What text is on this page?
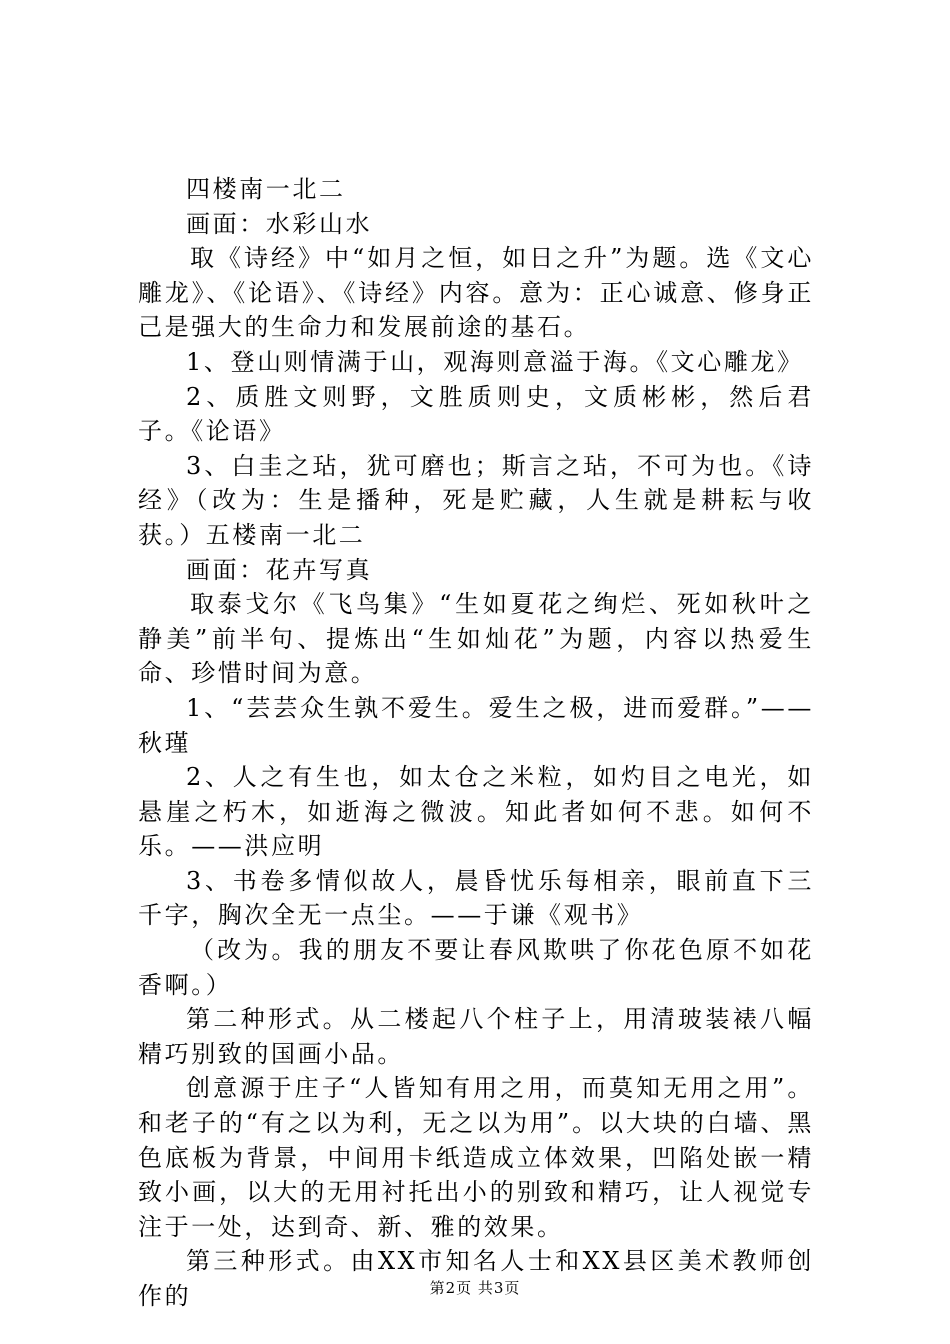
四楼南一北二

画面：水彩山水

取《诗经》中“如月之恒，如日之升”为题。选《文心雕龙》、《论语》、《诗经》内容。意为：正心诚意、修身正己是强大的生命力和发展前途的基石。

1、登山则情满于山，观海则意溢于海。《文心雕龙》

2、质胜文则野，文胜质则史，文质彬彬，然后君子。《论语》

3、白圭之玷，犹可磨也；斯言之玷，不可为也。《诗经》（改为：生是播种，死是贮藏，人生就是耕耘与收获。）五楼南一北二

画面：花卉写真

取泰戈尔《飞鸟集》“生如夏花之绚烂、死如秋叶之静美”前半句、提炼出“生如灿花”为题，内容以热爱生命、珍惜时间为意。

1、“芸芸众生孰不爱生。爱生之极，进而爱群。”——秋瑾

2、人之有生也，如太仓之米粒，如灼目之电光，如悬崖之朽木，如逝海之微波。知此者如何不悲。如何不乐。——洪应明

3、书卷多情似故人，晨昏忧乐每相亲，眼前直下三千字，胸次全无一点尘。——于谦《观书》

（改为。我的朋友不要让春风欺哄了你花色原不如花香啊。）

第二种形式。从二楼起八个柱子上，用清玻装裱八幅精巧别致的国画小品。

创意源于庄子“人皆知有用之用，而莫知无用之用”。和老子的“有之以为利，无之以为用”。以大块的白墙、黑色底板为背景，中间用卡纸造成立体效果，凹陷处嵌一精致小画，以大的无用衬托出小的别致和精巧，让人视觉专注于一处，达到奇、新、雅的效果。

第三种形式。由XX市知名人士和XX县区美术教师创作的	第2页 共3页
